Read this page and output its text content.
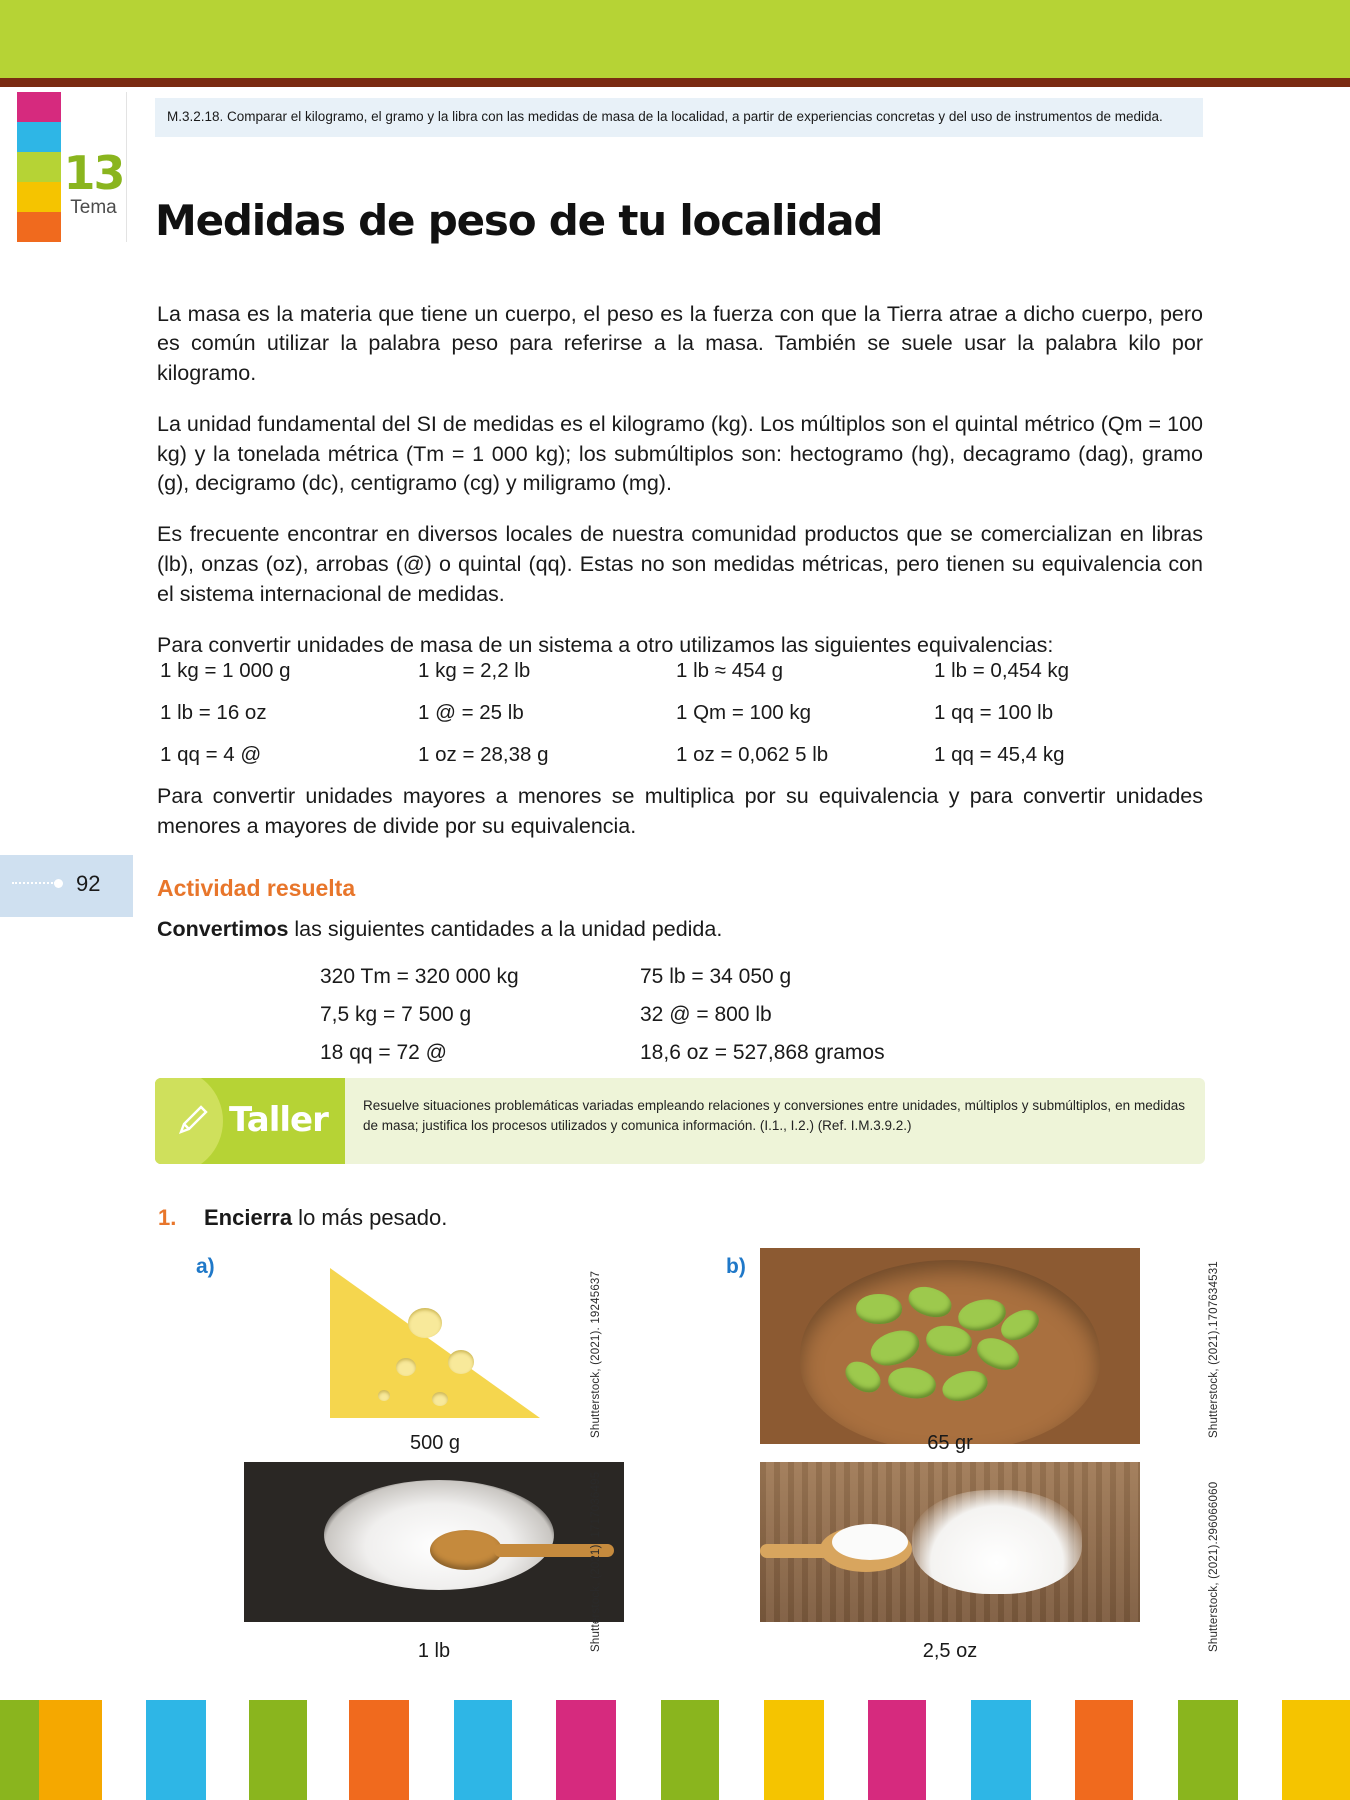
13
Tema
M.3.2.18. Comparar el kilogramo, el gramo y la libra con las medidas de masa de la localidad, a partir de experiencias concretas y del uso de instrumentos de medida.
Medidas de peso de tu localidad

La masa es la materia que tiene un cuerpo, el peso es la fuerza con que la Tierra atrae a dicho cuerpo, pero es común utilizar la palabra peso para referirse a la masa. También se suele usar la palabra kilo por kilogramo.

La unidad fundamental del SI de medidas es el kilogramo (kg). Los múltiplos son el quintal métrico (Qm = 100 kg) y la tonelada métrica (Tm = 1 000 kg); los submúltiplos son: hectogramo (hg), decagramo (dag), gramo (g), decigramo (dc), centigramo (cg) y miligramo (mg).

Es frecuente encontrar en diversos locales de nuestra comunidad productos que se comercializan en libras (lb), onzas (oz), arrobas (@) o quintal (qq). Estas no son medidas métricas, pero tienen su equivalencia con el sistema internacional de medidas.

Para convertir unidades de masa de un sistema a otro utilizamos las siguientes equivalencias:

1 kg = 1 000 g	1 kg = 2,2 lb	1 lb ≈ 454 g	1 lb = 0,454 kg
1 lb = 16 oz	1 @ = 25 lb	1 Qm = 100 kg	1 qq = 100 lb
1 qq = 4 @	1 oz = 28,38 g	1 oz = 0,062 5 lb	1 qq = 45,4 kg
Para convertir unidades mayores a menores se multiplica por su equivalencia y para convertir unidades menores a mayores de divide por su equivalencia.
92 Actividad resuelta
Convertimos las siguientes cantidades a la unidad pedida.
320 Tm = 320 000 kg	75 lb = 34 050 g
7,5 kg = 7 500 g	32 @ = 800 lb
18 qq = 72 @	18,6 oz = 527,868 gramos
Taller	Resuelve situaciones problemáticas variadas empleando relaciones y conversiones entre unidades, múltiplos y submúltiplos, en medidas de masa; justifica los procesos utilizados y comunica información. (I.1., I.2.) (Ref. I.M.3.9.2.)
1. Encierra lo más pesado.
a)	b)
500 g	65 gr
1 lb	2,5 oz
Shutterstock, (2021). 19245637
Shutterstock, (2021). 1717036495
Shutterstock, (2021).1707634531
Shutterstock, (2021).296066060
